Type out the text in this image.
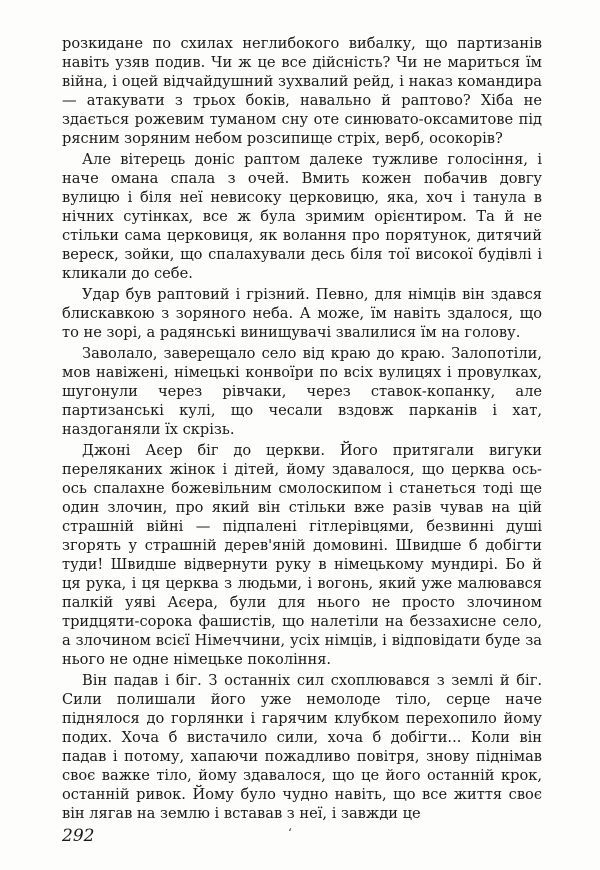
розкидане по схилах неглибокого вибалку, що партизанів навіть узяв подив. Чи ж це все дійсність? Чи не мариться їм війна, і оцей відчайдушний зухвалий рейд, і наказ командира — атакувати з трьох боків, навально й раптово? Хіба не здається рожевим туманом сну оте синювато-оксамитове під рясним зоряним небом розсипище стріх, верб, осокорів?

Але вітерець доніс раптом далеке тужливе голосіння, і наче омана спала з очей. Вмить кожен побачив довгу вулицю і біля неї невисоку церковицю, яка, хоч і танула в нічних сутінках, все ж була зримим орієнтиром. Та й не стільки сама церковиця, як волання про порятунок, дитячий вереск, зойки, що спалахували десь біля тої високої будівлі і кликали до себе.

Удар був раптовий і грізний. Певно, для німців він здався блискавкою з зоряного неба. А може, їм навіть здалося, що то не зорі, а радянські винищувачі звалилися їм на голову.

Заволало, заверещало село від краю до краю. Залопотіли, мов навіжені, німецькі конвоїри по всіх вулицях і провулках, шугонули через рівчаки, через ставок-копанку, але партизанські кулі, що чесали вздовж парканів і хат, наздоганяли їх скрізь.

Джоні Аєер біг до церкви. Його притягали вигуки переляканих жінок і дітей, йому здавалося, що церква ось-ось спалахне божевільним смолоскипом і станеться тоді ще один злочин, про який він стільки вже разів чував на цій страшній війні — підпалені гітлерівцями, безвинні душі згорять у страшній дерев'яній домовині. Швидше б добігти туди! Швидше відвернути руку в німецькому мундирі. Бо й ця рука, і ця церква з людьми, і вогонь, який уже малювався палкій уяві Аєера, були для нього не просто злочином тридцяти-сорока фашистів, що налетіли на беззахисне село, а злочином всієї Німеччини, усіх німців, і відповідати буде за нього не одне німецьке покоління.

Він падав і біг. З останніх сил схоплювався з землі й біг. Сили полишали його уже немолоде тіло, серце наче піднялося до горлянки і гарячим клубком перехопило йому подих. Хоча б вистачило сили, хоча б добігти... Коли він падав і потому, хапаючи пожадливо повітря, знову піднімав своє важке тіло, йому здавалося, що це його останній крок, останній ривок. Йому було чудно навіть, що все життя своє він лягав на землю і вставав з неї, і завжди це

292	‘
